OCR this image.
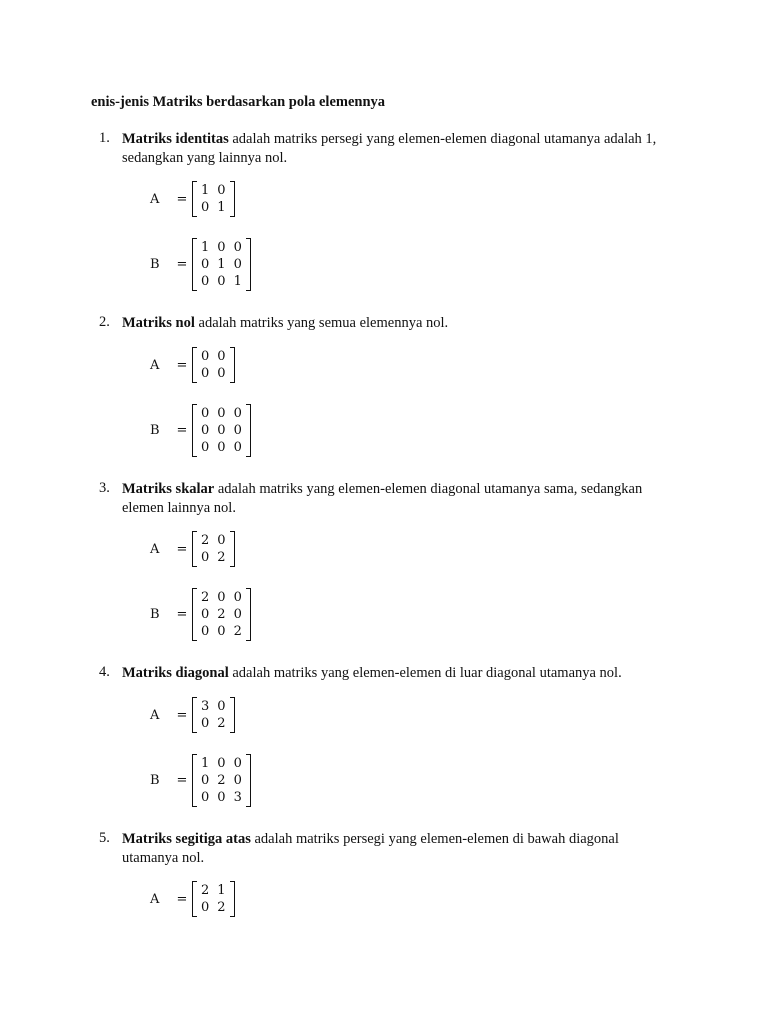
enis-jenis Matriks berdasarkan pola elemennya
1. Matriks identitas adalah matriks persegi yang elemen-elemen diagonal utamanya adalah 1,
sedangkan yang lainnya nol.
A	=
1	0
0	1
B	=
1	0	0
0	1	0
0	0	1
2. Matriks nol adalah matriks yang semua elemennya nol.
A	=
0	0
0	0
B	=
0	0	0
0	0	0
0	0	0
3. Matriks skalar adalah matriks yang elemen-elemen diagonal utamanya sama, sedangkan
elemen lainnya nol.
A	=
2	0
0	2
B	=
2	0	0
0	2	0
0	0	2
4. Matriks diagonal adalah matriks yang elemen-elemen di luar diagonal utamanya nol.
A	=
3	0
0	2
B	=
1	0	0
0	2	0
0	0	3
5. Matriks segitiga atas adalah matriks persegi yang elemen-elemen di bawah diagonal
utamanya nol.
A	=
2	1
0	2
